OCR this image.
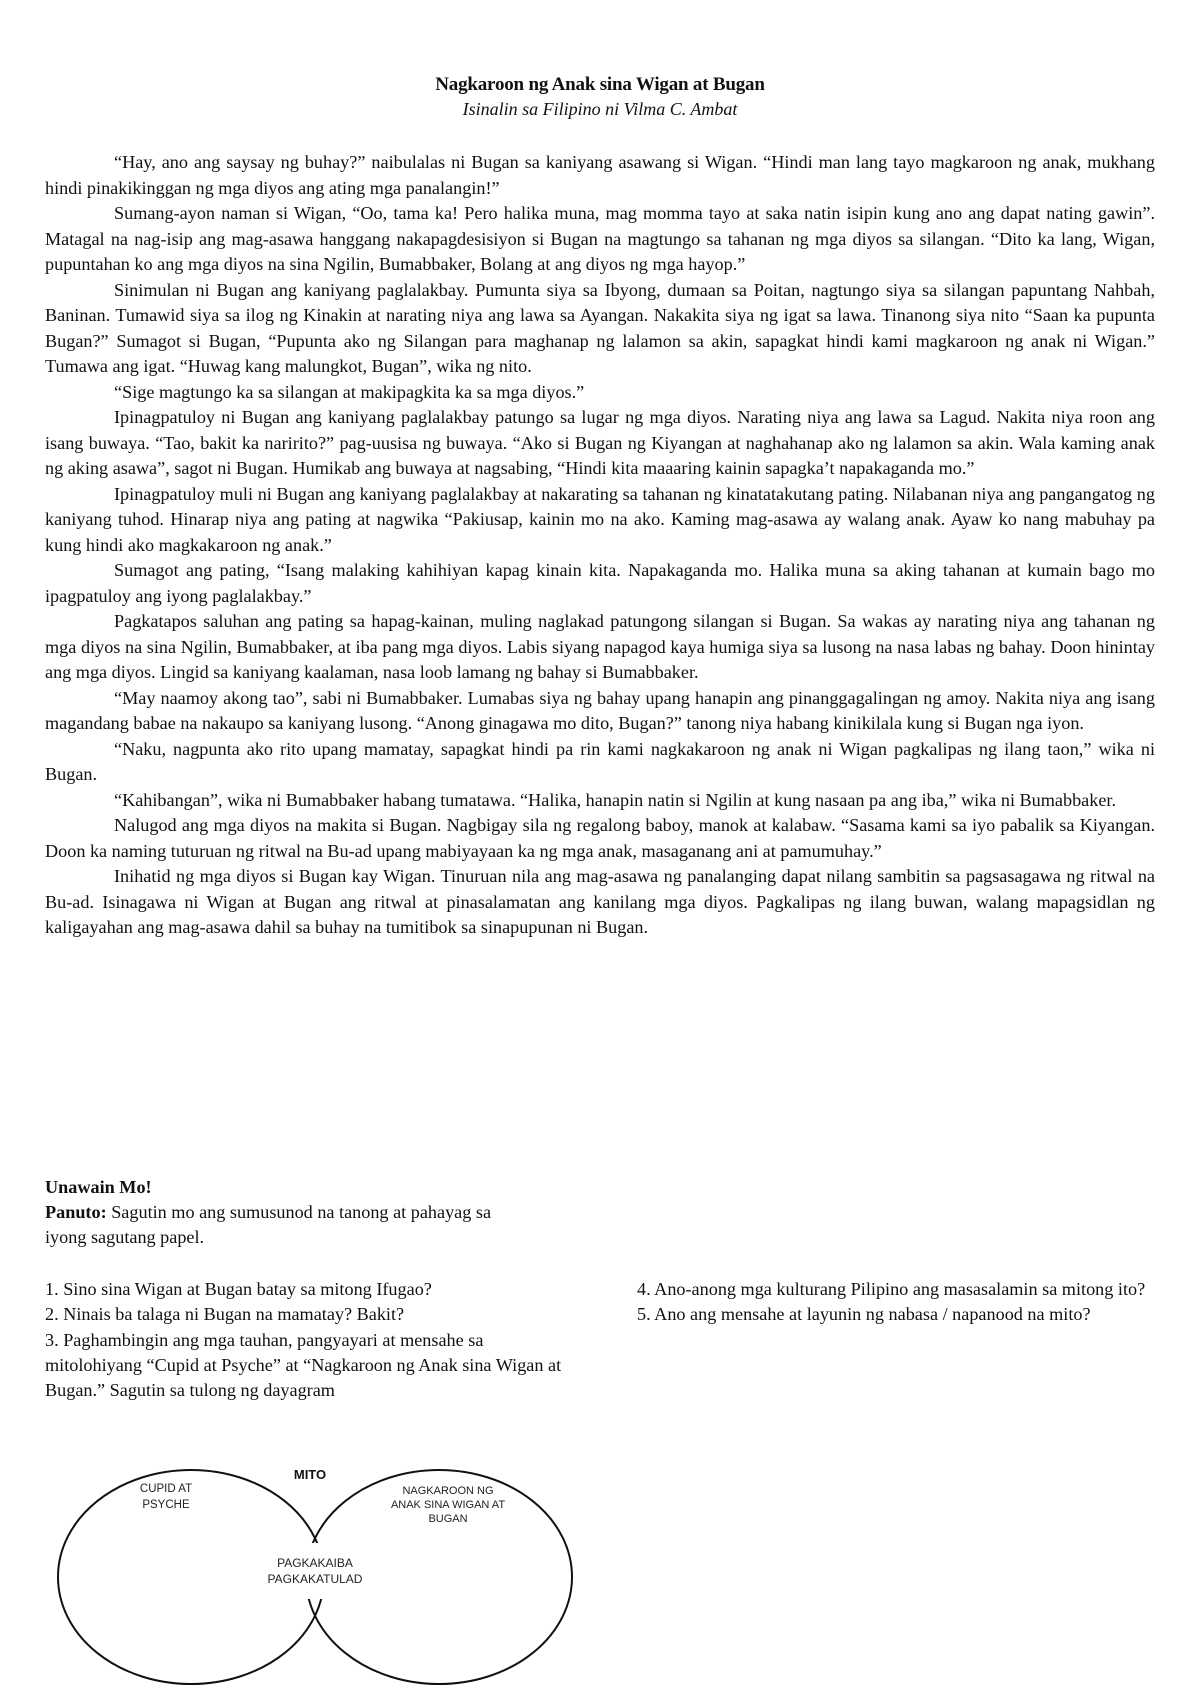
Nagkaroon ng Anak sina Wigan at Bugan
Isinalin sa Filipino ni Vilma C. Ambat

“Hay, ano ang saysay ng buhay?” naibulalas ni Bugan sa kaniyang asawang si Wigan. “Hindi man lang tayo magkaroon ng anak, mukhang hindi pinakikinggan ng mga diyos ang ating mga panalangin!”

Sumang-ayon naman si Wigan, “Oo, tama ka! Pero halika muna, mag momma tayo at saka natin isipin kung ano ang dapat nating gawin”. Matagal na nag-isip ang mag-asawa hanggang nakapagdesisiyon si Bugan na magtungo sa tahanan ng mga diyos sa silangan. “Dito ka lang, Wigan, pupuntahan ko ang mga diyos na sina Ngilin, Bumabbaker, Bolang at ang diyos ng mga hayop.”

Sinimulan ni Bugan ang kaniyang paglalakbay. Pumunta siya sa Ibyong, dumaan sa Poitan, nagtungo siya sa silangan papuntang Nahbah, Baninan. Tumawid siya sa ilog ng Kinakin at narating niya ang lawa sa Ayangan. Nakakita siya ng igat sa lawa. Tinanong siya nito “Saan ka pupunta Bugan?” Sumagot si Bugan, “Pupunta ako ng Silangan para maghanap ng lalamon sa akin, sapagkat hindi kami magkaroon ng anak ni Wigan.” Tumawa ang igat. “Huwag kang malungkot, Bugan”, wika ng nito.

“Sige magtungo ka sa silangan at makipagkita ka sa mga diyos.”

Ipinagpatuloy ni Bugan ang kaniyang paglalakbay patungo sa lugar ng mga diyos. Narating niya ang lawa sa Lagud. Nakita niya roon ang isang buwaya. “Tao, bakit ka naririto?” pag-uusisa ng buwaya. “Ako si Bugan ng Kiyangan at naghahanap ako ng lalamon sa akin. Wala kaming anak ng aking asawa”, sagot ni Bugan. Humikab ang buwaya at nagsabing, “Hindi kita maaaring kainin sapagka’t napakaganda mo.”

Ipinagpatuloy muli ni Bugan ang kaniyang paglalakbay at nakarating sa tahanan ng kinatatakutang pating. Nilabanan niya ang pangangatog ng kaniyang tuhod. Hinarap niya ang pating at nagwika “Pakiusap, kainin mo na ako. Kaming mag-asawa ay walang anak. Ayaw ko nang mabuhay pa kung hindi ako magkakaroon ng anak.”

Sumagot ang pating, “Isang malaking kahihiyan kapag kinain kita. Napakaganda mo. Halika muna sa aking tahanan at kumain bago mo ipagpatuloy ang iyong paglalakbay.”

Pagkatapos saluhan ang pating sa hapag-kainan, muling naglakad patungong silangan si Bugan. Sa wakas ay narating niya ang tahanan ng mga diyos na sina Ngilin, Bumabbaker, at iba pang mga diyos. Labis siyang napagod kaya humiga siya sa lusong na nasa labas ng bahay. Doon hinintay ang mga diyos. Lingid sa kaniyang kaalaman, nasa loob lamang ng bahay si Bumabbaker.

“May naamoy akong tao”, sabi ni Bumabbaker. Lumabas siya ng bahay upang hanapin ang pinanggagalingan ng amoy. Nakita niya ang isang magandang babae na nakaupo sa kaniyang lusong. “Anong ginagawa mo dito, Bugan?” tanong niya habang kinikilala kung si Bugan nga iyon.

“Naku, nagpunta ako rito upang mamatay, sapagkat hindi pa rin kami nagkakaroon ng anak ni Wigan pagkalipas ng ilang taon,” wika ni Bugan.

“Kahibangan”, wika ni Bumabbaker habang tumatawa. “Halika, hanapin natin si Ngilin at kung nasaan pa ang iba,” wika ni Bumabbaker.

Nalugod ang mga diyos na makita si Bugan. Nagbigay sila ng regalong baboy, manok at kalabaw. “Sasama kami sa iyo pabalik sa Kiyangan. Doon ka naming tuturuan ng ritwal na Bu-ad upang mabiyayaan ka ng mga anak, masaganang ani at pamumuhay.”

Inihatid ng mga diyos si Bugan kay Wigan. Tinuruan nila ang mag-asawa ng panalanging dapat nilang sambitin sa pagsasagawa ng ritwal na Bu-ad. Isinagawa ni Wigan at Bugan ang ritwal at pinasalamatan ang kanilang mga diyos. Pagkalipas ng ilang buwan, walang mapagsidlan ng kaligayahan ang mag-asawa dahil sa buhay na tumitibok sa sinapupunan ni Bugan.

Unawain Mo!
Panuto: Sagutin mo ang sumusunod na tanong at pahayag sa iyong sagutang papel.
1. Sino sina Wigan at Bugan batay sa mitong Ifugao?
2. Ninais ba talaga ni Bugan na mamatay? Bakit?
3. Paghambingin ang mga tauhan, pangyayari at mensahe sa mitolohiyang “Cupid at Psyche” at “Nagkaroon ng Anak sina Wigan at Bugan.” Sagutin sa tulong ng dayagram
4. Ano-anong mga kulturang Pilipino ang masasalamin sa mitong ito?
5. Ano ang mensahe at layunin ng nabasa / napanood na mito?
MITO
CUPID AT
PSYCHE
NAGKAROON NG
ANAK SINA WIGAN AT
BUGAN
PAGKAKAIBA
PAGKAKATULAD
